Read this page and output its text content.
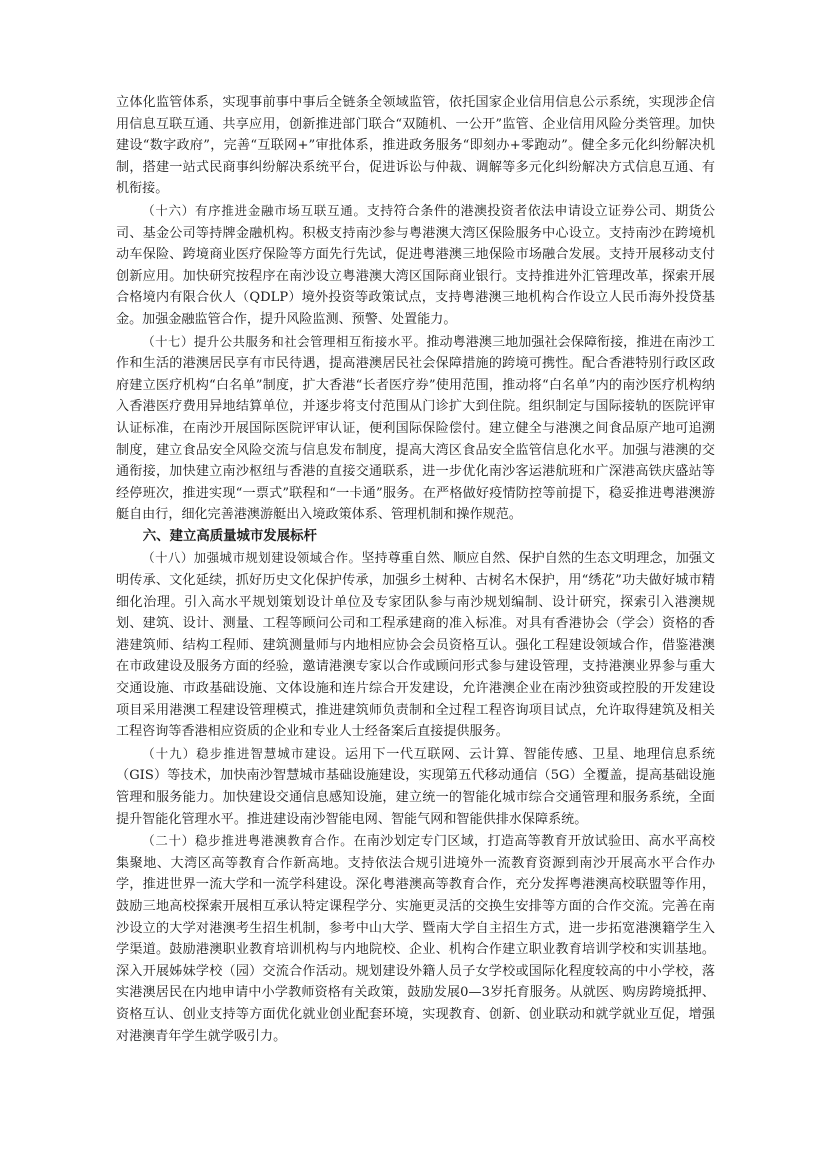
立体化监管体系，实现事前事中事后全链条全领域监管，依托国家企业信用信息公示系统，实现涉企信用信息互联互通、共享应用，创新推进部门联合“双随机、一公开”监管、企业信用风险分类管理。加快建设“数字政府”，完善“互联网+”审批体系，推进政务服务“即刻办+零跑动”。健全多元化纠纷解决机制，搭建一站式民商事纠纷解决系统平台，促进诉讼与仲裁、调解等多元化纠纷解决方式信息互通、有机衔接。

（十六）有序推进金融市场互联互通。支持符合条件的港澳投资者依法申请设立证券公司、期货公司、基金公司等持牌金融机构。积极支持南沙参与粤港澳大湾区保险服务中心设立。支持南沙在跨境机动车保险、跨境商业医疗保险等方面先行先试，促进粤港澳三地保险市场融合发展。支持开展移动支付创新应用。加快研究按程序在南沙设立粤港澳大湾区国际商业银行。支持推进外汇管理改革，探索开展合格境内有限合伙人（QDLP）境外投资等政策试点，支持粤港澳三地机构合作设立人民币海外投贷基金。加强金融监管合作，提升风险监测、预警、处置能力。

（十七）提升公共服务和社会管理相互衔接水平。推动粤港澳三地加强社会保障衔接，推进在南沙工作和生活的港澳居民享有市民待遇，提高港澳居民社会保障措施的跨境可携性。配合香港特别行政区政府建立医疗机构“白名单”制度，扩大香港“长者医疗券”使用范围，推动将“白名单”内的南沙医疗机构纳入香港医疗费用异地结算单位，并逐步将支付范围从门诊扩大到住院。组织制定与国际接轨的医院评审认证标准，在南沙开展国际医院评审认证，便利国际保险偿付。建立健全与港澳之间食品原产地可追溯制度，建立食品安全风险交流与信息发布制度，提高大湾区食品安全监管信息化水平。加强与港澳的交通衔接，加快建立南沙枢纽与香港的直接交通联系，进一步优化南沙客运港航班和广深港高铁庆盛站等经停班次，推进实现“一票式”联程和“一卡通”服务。在严格做好疫情防控等前提下，稳妥推进粤港澳游艇自由行，细化完善港澳游艇出入境政策体系、管理机制和操作规范。

六、建立高质量城市发展标杆

（十八）加强城市规划建设领域合作。坚持尊重自然、顺应自然、保护自然的生态文明理念，加强文明传承、文化延续，抓好历史文化保护传承，加强乡土树种、古树名木保护，用“绣花”功夫做好城市精细化治理。引入高水平规划策划设计单位及专家团队参与南沙规划编制、设计研究，探索引入港澳规划、建筑、设计、测量、工程等顾问公司和工程承建商的准入标准。对具有香港协会（学会）资格的香港建筑师、结构工程师、建筑测量师与内地相应协会会员资格互认。强化工程建设领域合作，借鉴港澳在市政建设及服务方面的经验，邀请港澳专家以合作或顾问形式参与建设管理，支持港澳业界参与重大交通设施、市政基础设施、文体设施和连片综合开发建设，允许港澳企业在南沙独资或控股的开发建设项目采用港澳工程建设管理模式，推进建筑师负责制和全过程工程咨询项目试点，允许取得建筑及相关工程咨询等香港相应资质的企业和专业人士经备案后直接提供服务。

（十九）稳步推进智慧城市建设。运用下一代互联网、云计算、智能传感、卫星、地理信息系统（GIS）等技术，加快南沙智慧城市基础设施建设，实现第五代移动通信（5G）全覆盖，提高基础设施管理和服务能力。加快建设交通信息感知设施，建立统一的智能化城市综合交通管理和服务系统，全面提升智能化管理水平。推进建设南沙智能电网、智能气网和智能供排水保障系统。

（二十）稳步推进粤港澳教育合作。在南沙划定专门区域，打造高等教育开放试验田、高水平高校集聚地、大湾区高等教育合作新高地。支持依法合规引进境外一流教育资源到南沙开展高水平合作办学，推进世界一流大学和一流学科建设。深化粤港澳高等教育合作，充分发挥粤港澳高校联盟等作用，鼓励三地高校探索开展相互承认特定课程学分、实施更灵活的交换生安排等方面的合作交流。完善在南沙设立的大学对港澳考生招生机制，参考中山大学、暨南大学自主招生方式，进一步拓宽港澳籍学生入学渠道。鼓励港澳职业教育培训机构与内地院校、企业、机构合作建立职业教育培训学校和实训基地。深入开展姊妹学校（园）交流合作活动。规划建设外籍人员子女学校或国际化程度较高的中小学校，落实港澳居民在内地申请中小学教师资格有关政策，鼓励发展0—3岁托育服务。从就医、购房跨境抵押、资格互认、创业支持等方面优化就业创业配套环境，实现教育、创新、创业联动和就学就业互促，增强对港澳青年学生就学吸引力。
